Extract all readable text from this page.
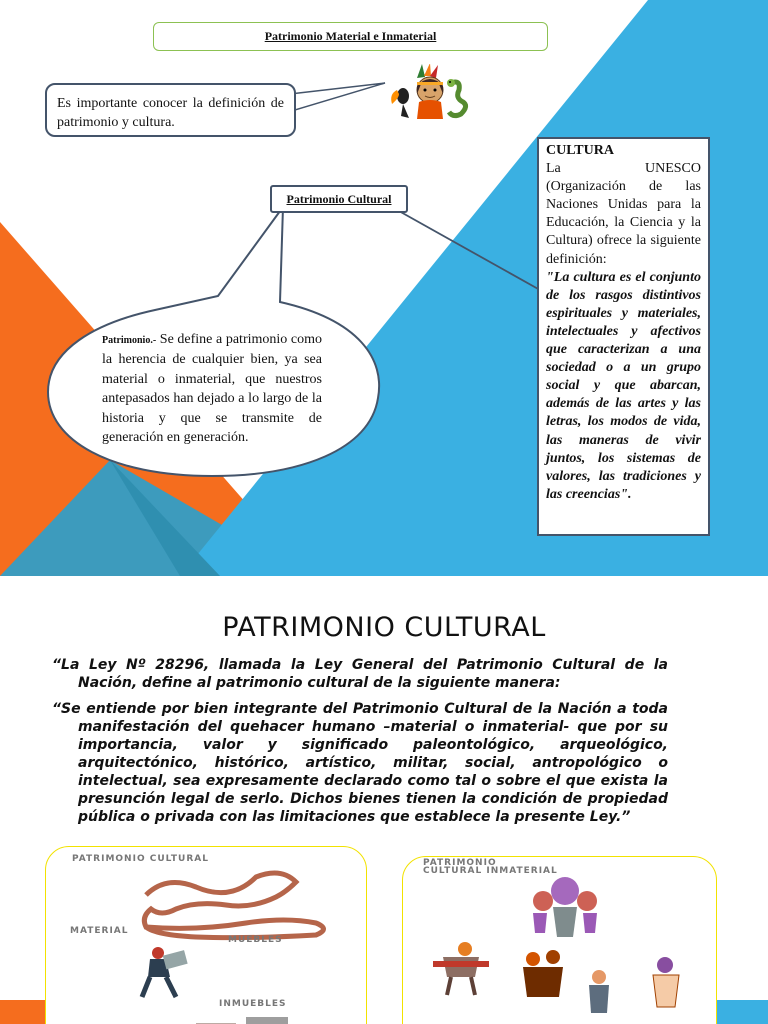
Patrimonio Material e Inmaterial
Es importante conocer la definición de patrimonio y cultura.
Patrimonio Cultural
Patrimonio.- Se define a patrimonio como la herencia de cualquier bien, ya sea material o inmaterial, que nuestros antepasados han dejado a lo largo de la historia y que se transmite de generación en generación.
CULTURA
La UNESCO (Organización de las Naciones Unidas para la Educación, la Ciencia y la Cultura) ofrece la siguiente definición:
"La cultura es el conjunto de los rasgos distintivos espirituales y materiales, intelectuales y afectivos que caracterizan a una sociedad o a un grupo social y que abarcan, además de las artes y las letras, los modos de vida, las maneras de vivir juntos, los sistemas de valores, las tradiciones y las creencias".
PATRIMONIO CULTURAL
“La Ley Nº 28296, llamada la Ley General del Patrimonio Cultural de la Nación, define al patrimonio cultural de la siguiente manera:
“Se entiende por bien integrante del Patrimonio Cultural de la Nación a toda manifestación del quehacer humano –material o inmaterial- que por su importancia, valor y significado paleontológico, arqueológico, arquitectónico, histórico, artístico, militar, social, antropológico o intelectual, sea expresamente declarado como tal o sobre el que exista la presunción legal de serlo. Dichos bienes tienen la condición de propiedad pública o privada con las limitaciones que establece la presente Ley.”
PATRIMONIO CULTURAL
MATERIAL
MUEBLES
INMUEBLES
PATRIMONIO
CULTURAL INMATERIAL
